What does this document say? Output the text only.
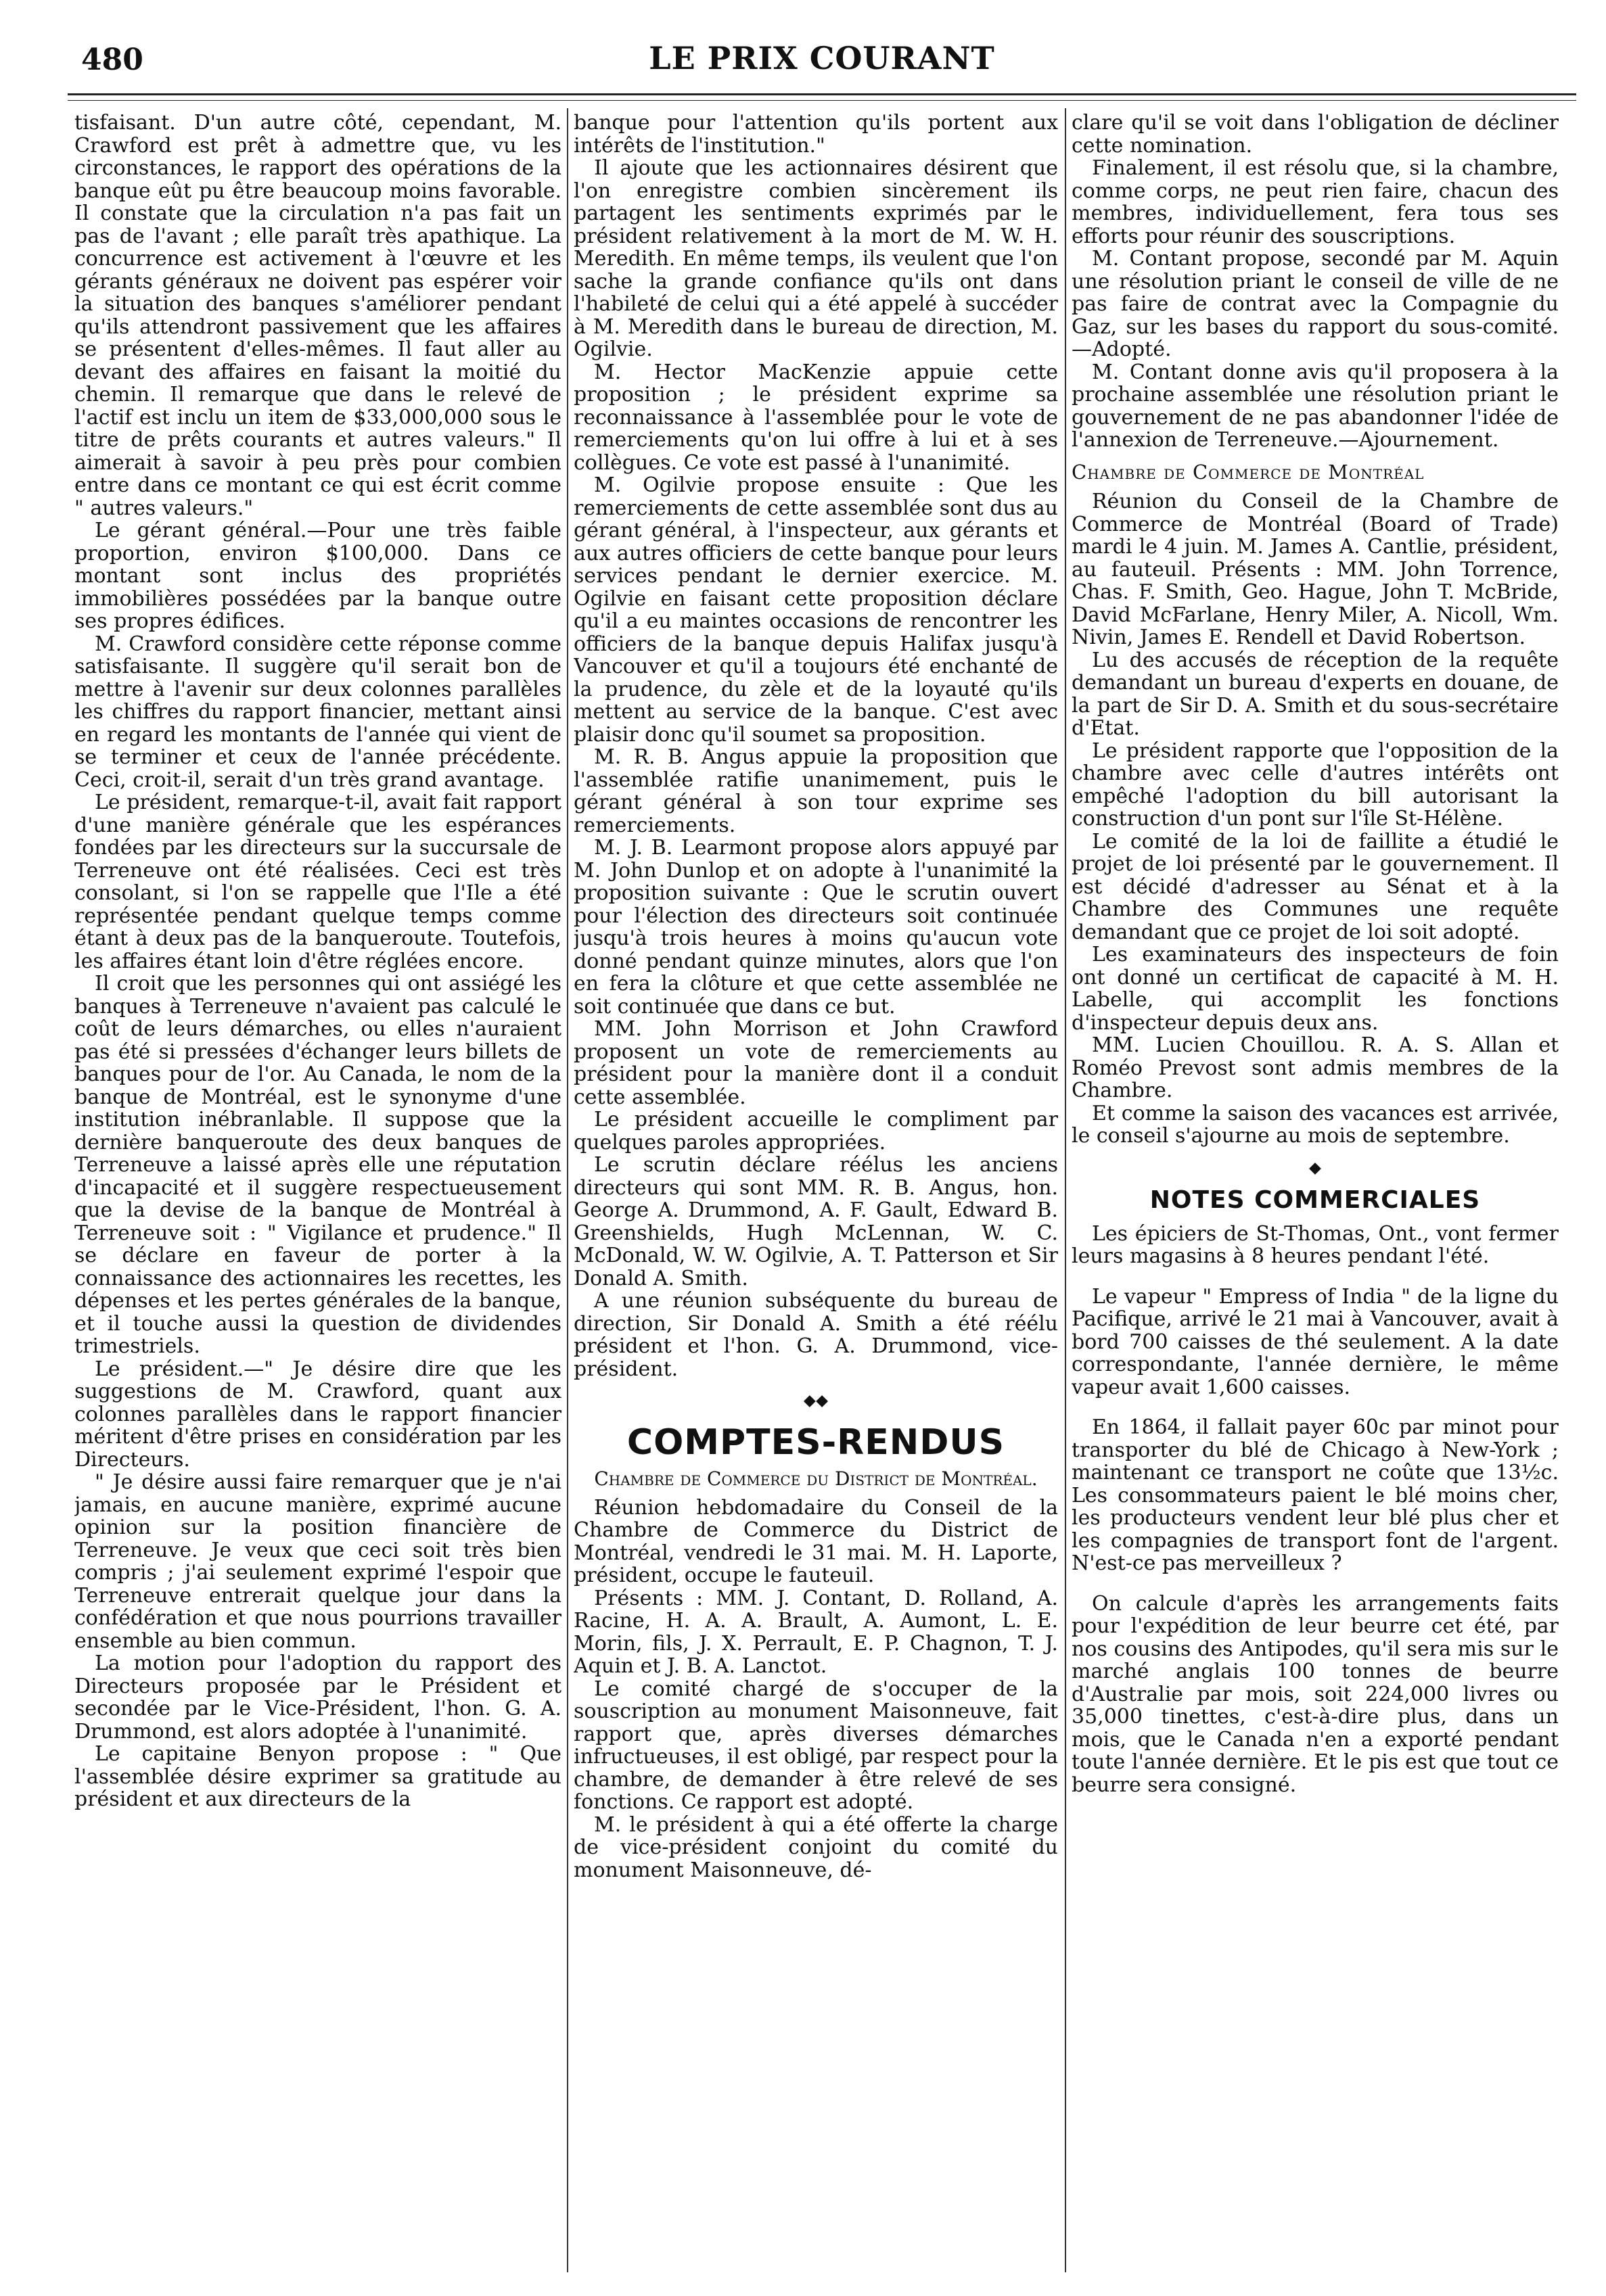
480	LE PRIX COURANT

tisfaisant. D'un autre côté, cependant, M. Crawford est prêt à admettre que, vu les circonstances, le rapport des opérations de la banque eût pu être beaucoup moins favorable. Il constate que la circulation n'a pas fait un pas de l'avant ; elle paraît très apathique. La concurrence est activement à l'œuvre et les gérants généraux ne doivent pas espérer voir la situation des banques s'améliorer pendant qu'ils attendront passivement que les affaires se présentent d'elles-mêmes. Il faut aller au devant des affaires en faisant la moitié du chemin. Il remarque que dans le relevé de l'actif est inclu un item de $33,000,000 sous le titre de prêts courants et autres valeurs." Il aimerait à savoir à peu près pour combien entre dans ce montant ce qui est écrit comme " autres valeurs."

Le gérant général.—Pour une très faible proportion, environ $100,000. Dans ce montant sont inclus des propriétés immobilières possédées par la banque outre ses propres édifices.

M. Crawford considère cette réponse comme satisfaisante. Il suggère qu'il serait bon de mettre à l'avenir sur deux colonnes parallèles les chiffres du rapport financier, mettant ainsi en regard les montants de l'année qui vient de se terminer et ceux de l'année précédente. Ceci, croit-il, serait d'un très grand avantage.

Le président, remarque-t-il, avait fait rapport d'une manière générale que les espérances fondées par les directeurs sur la succursale de Terreneuve ont été réalisées. Ceci est très consolant, si l'on se rappelle que l'Ile a été représentée pendant quelque temps comme étant à deux pas de la banqueroute. Toutefois, les affaires étant loin d'être réglées encore.

Il croit que les personnes qui ont assiégé les banques à Terreneuve n'avaient pas calculé le coût de leurs démarches, ou elles n'auraient pas été si pressées d'échanger leurs billets de banques pour de l'or. Au Canada, le nom de la banque de Montréal, est le synonyme d'une institution inébranlable. Il suppose que la dernière banqueroute des deux banques de Terreneuve a laissé après elle une réputation d'incapacité et il suggère respectueusement que la devise de la banque de Montréal à Terreneuve soit : " Vigilance et prudence." Il se déclare en faveur de porter à la connaissance des actionnaires les recettes, les dépenses et les pertes générales de la banque, et il touche aussi la question de dividendes trimestriels.

Le président.—" Je désire dire que les suggestions de M. Crawford, quant aux colonnes parallèles dans le rapport financier méritent d'être prises en considération par les Directeurs.

" Je désire aussi faire remarquer que je n'ai jamais, en aucune manière, exprimé aucune opinion sur la position financière de Terreneuve. Je veux que ceci soit très bien compris ; j'ai seulement exprimé l'espoir que Terreneuve entrerait quelque jour dans la confédération et que nous pourrions travailler ensemble au bien commun.

La motion pour l'adoption du rapport des Directeurs proposée par le Président et secondée par le Vice-Président, l'hon. G. A. Drummond, est alors adoptée à l'unanimité.

Le capitaine Benyon propose : " Que l'assemblée désire exprimer sa gratitude au président et aux directeurs de la

banque pour l'attention qu'ils portent aux intérêts de l'institution."

Il ajoute que les actionnaires désirent que l'on enregistre combien sincèrement ils partagent les sentiments exprimés par le président relativement à la mort de M. W. H. Meredith. En même temps, ils veulent que l'on sache la grande confiance qu'ils ont dans l'habileté de celui qui a été appelé à succéder à M. Meredith dans le bureau de direction, M. Ogilvie.

M. Hector MacKenzie appuie cette proposition ; le président exprime sa reconnaissance à l'assemblée pour le vote de remerciements qu'on lui offre à lui et à ses collègues. Ce vote est passé à l'unanimité.

M. Ogilvie propose ensuite : Que les remerciements de cette assemblée sont dus au gérant général, à l'inspecteur, aux gérants et aux autres officiers de cette banque pour leurs services pendant le dernier exercice. M. Ogilvie en faisant cette proposition déclare qu'il a eu maintes occasions de rencontrer les officiers de la banque depuis Halifax jusqu'à Vancouver et qu'il a toujours été enchanté de la prudence, du zèle et de la loyauté qu'ils mettent au service de la banque. C'est avec plaisir donc qu'il soumet sa proposition.

M. R. B. Angus appuie la proposition que l'assemblée ratifie unanimement, puis le gérant général à son tour exprime ses remerciements.

M. J. B. Learmont propose alors appuyé par M. John Dunlop et on adopte à l'unanimité la proposition suivante : Que le scrutin ouvert pour l'élection des directeurs soit continuée jusqu'à trois heures à moins qu'aucun vote donné pendant quinze minutes, alors que l'on en fera la clôture et que cette assemblée ne soit continuée que dans ce but.

MM. John Morrison et John Crawford proposent un vote de remerciements au président pour la manière dont il a conduit cette assemblée.

Le président accueille le compliment par quelques paroles appropriées.

Le scrutin déclare réélus les anciens directeurs qui sont MM. R. B. Angus, hon. George A. Drummond, A. F. Gault, Edward B. Greenshields, Hugh McLennan, W. C. McDonald, W. W. Ogilvie, A. T. Patterson et Sir Donald A. Smith.

A une réunion subséquente du bureau de direction, Sir Donald A. Smith a été réélu président et l'hon. G. A. Drummond, vice-président.

⬥⬥
COMPTES-RENDUS
Chambre de Commerce du District de Montréal.

Réunion hebdomadaire du Conseil de la Chambre de Commerce du District de Montréal, vendredi le 31 mai. M. H. Laporte, président, occupe le fauteuil.

Présents : MM. J. Contant, D. Rolland, A. Racine, H. A. A. Brault, A. Aumont, L. E. Morin, fils, J. X. Perrault, E. P. Chagnon, T. J. Aquin et J. B. A. Lanctot.

Le comité chargé de s'occuper de la souscription au monument Maisonneuve, fait rapport que, après diverses démarches infructueuses, il est obligé, par respect pour la chambre, de demander à être relevé de ses fonctions. Ce rapport est adopté.

M. le président à qui a été offerte la charge de vice-président conjoint du comité du monument Maisonneuve, dé-

clare qu'il se voit dans l'obligation de décliner cette nomination.

Finalement, il est résolu que, si la chambre, comme corps, ne peut rien faire, chacun des membres, individuellement, fera tous ses efforts pour réunir des souscriptions.

M. Contant propose, secondé par M. Aquin une résolution priant le conseil de ville de ne pas faire de contrat avec la Compagnie du Gaz, sur les bases du rapport du sous-comité.—Adopté.

M. Contant donne avis qu'il proposera à la prochaine assemblée une résolution priant le gouvernement de ne pas abandonner l'idée de l'annexion de Terreneuve.—Ajournement.

Chambre de Commerce de Montréal

Réunion du Conseil de la Chambre de Commerce de Montréal (Board of Trade) mardi le 4 juin. M. James A. Cantlie, président, au fauteuil. Présents : MM. John Torrence, Chas. F. Smith, Geo. Hague, John T. McBride, David McFarlane, Henry Miler, A. Nicoll, Wm. Nivin, James E. Rendell et David Robertson.

Lu des accusés de réception de la requête demandant un bureau d'experts en douane, de la part de Sir D. A. Smith et du sous-secrétaire d'Etat.

Le président rapporte que l'opposition de la chambre avec celle d'autres intérêts ont empêché l'adoption du bill autorisant la construction d'un pont sur l'île St-Hélène.

Le comité de la loi de faillite a étudié le projet de loi présenté par le gouvernement. Il est décidé d'adresser au Sénat et à la Chambre des Communes une requête demandant que ce projet de loi soit adopté.

Les examinateurs des inspecteurs de foin ont donné un certificat de capacité à M. H. Labelle, qui accomplit les fonctions d'inspecteur depuis deux ans.

MM. Lucien Chouillou. R. A. S. Allan et Roméo Prevost sont admis membres de la Chambre.

Et comme la saison des vacances est arrivée, le conseil s'ajourne au mois de septembre.

⬥
NOTES COMMERCIALES

Les épiciers de St-Thomas, Ont., vont fermer leurs magasins à 8 heures pendant l'été.

Le vapeur " Empress of India " de la ligne du Pacifique, arrivé le 21 mai à Vancouver, avait à bord 700 caisses de thé seulement. A la date correspondante, l'année dernière, le même vapeur avait 1,600 caisses.

En 1864, il fallait payer 60c par minot pour transporter du blé de Chicago à New-York ; maintenant ce transport ne coûte que 13½c. Les consommateurs paient le blé moins cher, les producteurs vendent leur blé plus cher et les compagnies de transport font de l'argent. N'est-ce pas merveilleux ?

On calcule d'après les arrangements faits pour l'expédition de leur beurre cet été, par nos cousins des Antipodes, qu'il sera mis sur le marché anglais 100 tonnes de beurre d'Australie par mois, soit 224,000 livres ou 35,000 tinettes, c'est-à-dire plus, dans un mois, que le Canada n'en a exporté pendant toute l'année dernière. Et le pis est que tout ce beurre sera consigné.
